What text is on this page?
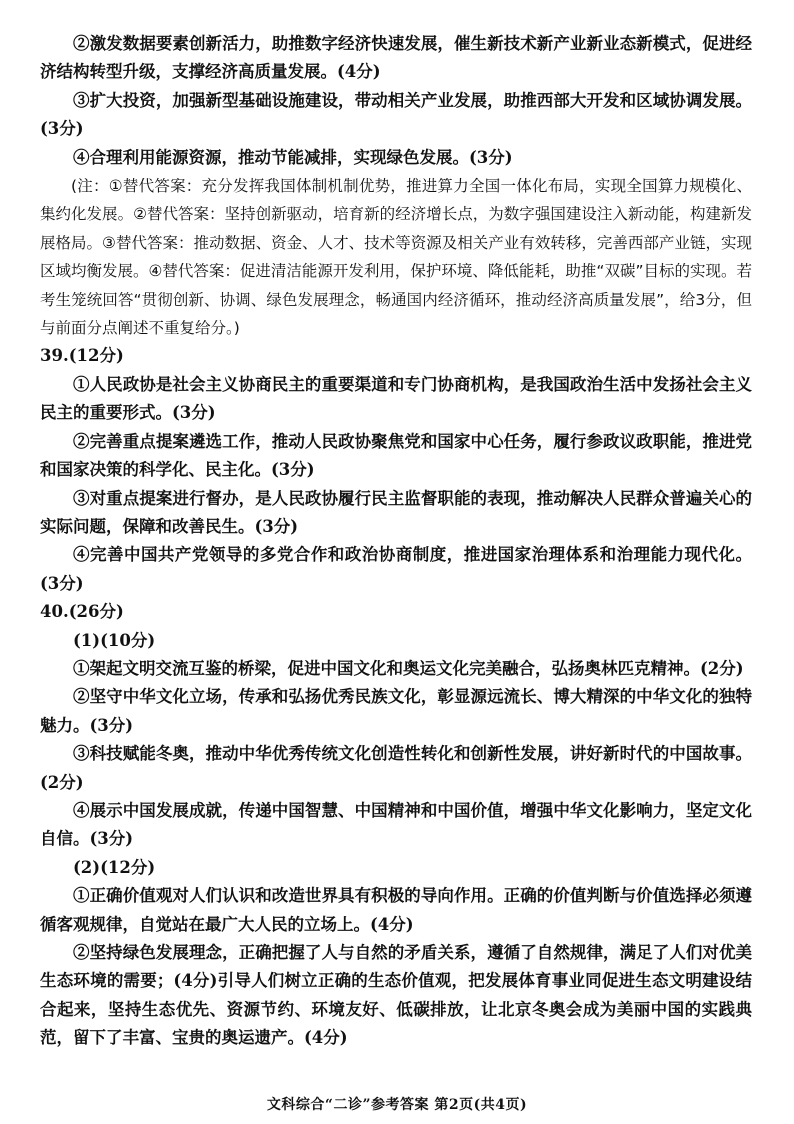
②激发数据要素创新活力，助推数字经济快速发展，催生新技术新产业新业态新模式，促进经济结构转型升级，支撑经济高质量发展。(4分)

③扩大投资，加强新型基础设施建设，带动相关产业发展，助推西部大开发和区域协调发展。(3分)

④合理利用能源资源，推动节能减排，实现绿色发展。(3分)

(注：①替代答案：充分发挥我国体制机制优势，推进算力全国一体化布局，实现全国算力规模化、集约化发展。②替代答案：坚持创新驱动，培育新的经济增长点，为数字强国建设注入新动能，构建新发展格局。③替代答案：推动数据、资金、人才、技术等资源及相关产业有效转移，完善西部产业链，实现区域均衡发展。④替代答案：促进清洁能源开发利用，保护环境、降低能耗，助推“双碳”目标的实现。若考生笼统回答“贯彻创新、协调、绿色发展理念，畅通国内经济循环，推动经济高质量发展”，给3分，但与前面分点阐述不重复给分。)

39.(12分)

①人民政协是社会主义协商民主的重要渠道和专门协商机构，是我国政治生活中发扬社会主义民主的重要形式。(3分)

②完善重点提案遴选工作，推动人民政协聚焦党和国家中心任务，履行参政议政职能，推进党和国家决策的科学化、民主化。(3分)

③对重点提案进行督办，是人民政协履行民主监督职能的表现，推动解决人民群众普遍关心的实际问题，保障和改善民生。(3分)

④完善中国共产党领导的多党合作和政治协商制度，推进国家治理体系和治理能力现代化。(3分)

40.(26分)

(1)(10分)

①架起文明交流互鉴的桥梁，促进中国文化和奥运文化完美融合，弘扬奥林匹克精神。(2分)

②坚守中华文化立场，传承和弘扬优秀民族文化，彰显源远流长、博大精深的中华文化的独特魅力。(3分)

③科技赋能冬奥，推动中华优秀传统文化创造性转化和创新性发展，讲好新时代的中国故事。(2分)

④展示中国发展成就，传递中国智慧、中国精神和中国价值，增强中华文化影响力，坚定文化自信。(3分)

(2)(12分)

①正确价值观对人们认识和改造世界具有积极的导向作用。正确的价值判断与价值选择必须遵循客观规律，自觉站在最广大人民的立场上。(4分)

②坚持绿色发展理念，正确把握了人与自然的矛盾关系，遵循了自然规律，满足了人们对优美生态环境的需要；(4分)引导人们树立正确的生态价值观，把发展体育事业同促进生态文明建设结合起来，坚持生态优先、资源节约、环境友好、低碳排放，让北京冬奥会成为美丽中国的实践典范，留下了丰富、宝贵的奥运遗产。(4分)

文科综合“二诊”参考答案 第2页(共4页)
